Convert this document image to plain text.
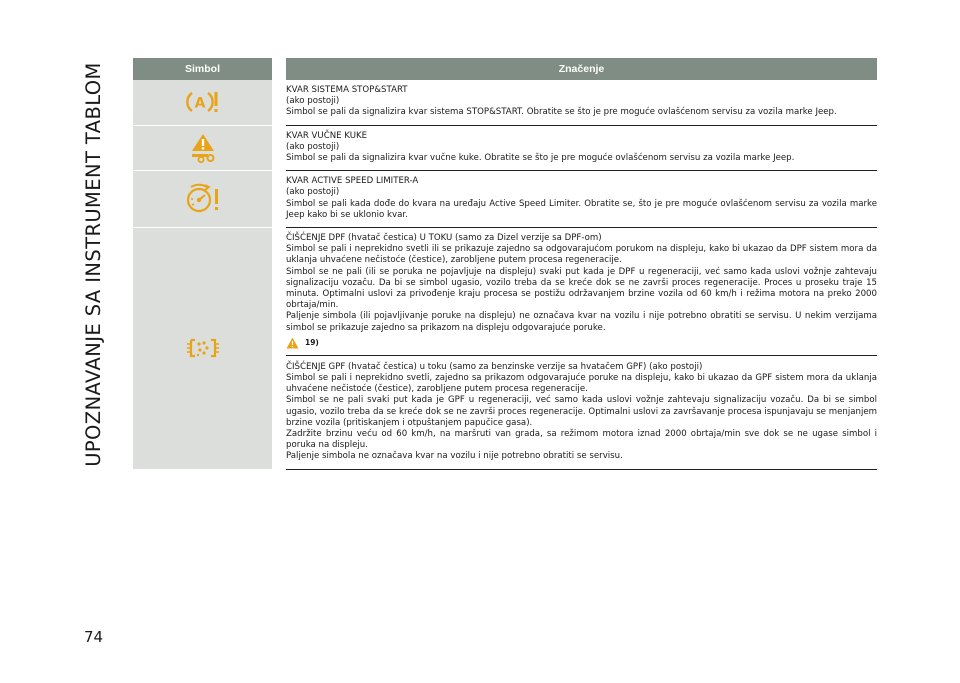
UPOZNAVANJE SA INSTRUMENT TABLOM	Simbol	Značenje
A

KVAR SISTEMA STOP&START

(ako postoji)

Simbol se pali da signalizira kvar sistema STOP&START. Obratite se što je pre moguće ovlašćenom servisu za vozila marke Jeep.

KVAR VUČNE KUKE

(ako postoji)

Simbol se pali da signalizira kvar vučne kuke. Obratite se što je pre moguće ovlašćenom servisu za vozila marke Jeep.

KVAR ACTIVE SPEED LIMITER-A

(ako postoji)

Simbol se pali kada dođe do kvara na uređaju Active Speed Limiter. Obratite se, što je pre moguće ovlašćenom servisu za vozila marke Jeep kako bi se uklonio kvar.

ČIŠĆENJE DPF (hvatač čestica) U TOKU (samo za Dizel verzije sa DPF-om)

Simbol se pali i neprekidno svetli ili se prikazuje zajedno sa odgovarajućom porukom na displeju, kako bi ukazao da DPF sistem mora da uklanja uhvaćene nečistoće (čestice), zarobljene putem procesa regeneracije.

Simbol se ne pali (ili se poruka ne pojavljuje na displeju) svaki put kada je DPF u regeneraciji, već samo kada uslovi vožnje zahtevaju signalizaciju vozaču. Da bi se simbol ugasio, vozilo treba da se kreće dok se ne završi proces regeneracije. Proces u proseku traje 15 minuta. Optimalni uslovi za privođenje kraju procesa se postižu održavanjem brzine vozila od 60 km/h i režima motora na preko 2000 obrtaja/min.

Paljenje simbola (ili pojavljivanje poruke na displeju) ne označava kvar na vozilu i nije potrebno obratiti se servisu. U nekim verzijama simbol se prikazuje zajedno sa prikazom na displeju odgovarajuće poruke.

19)

ČIŠĆENJE GPF (hvatač čestica) u toku (samo za benzinske verzije sa hvatačem GPF) (ako postoji)

Simbol se pali i neprekidno svetli, zajedno sa prikazom odgovarajuće poruke na displeju, kako bi ukazao da GPF sistem mora da uklanja uhvaćene nečistoće (čestice), zarobljene putem procesa regeneracije.

Simbol se ne pali svaki put kada je GPF u regeneraciji, već samo kada uslovi vožnje zahtevaju signalizaciju vozaču. Da bi se simbol ugasio, vozilo treba da se kreće dok se ne završi proces regeneracije. Optimalni uslovi za završavanje procesa ispunjavaju se menjanjem brzine vozila (pritiskanjem i otpuštanjem papučice gasa).

Zadržite brzinu veću od 60 km/h, na maršruti van grada, sa režimom motora iznad 2000 obrtaja/min sve dok se ne ugase simbol i poruka na displeju.

Paljenje simbola ne označava kvar na vozilu i nije potrebno obratiti se servisu.

74
